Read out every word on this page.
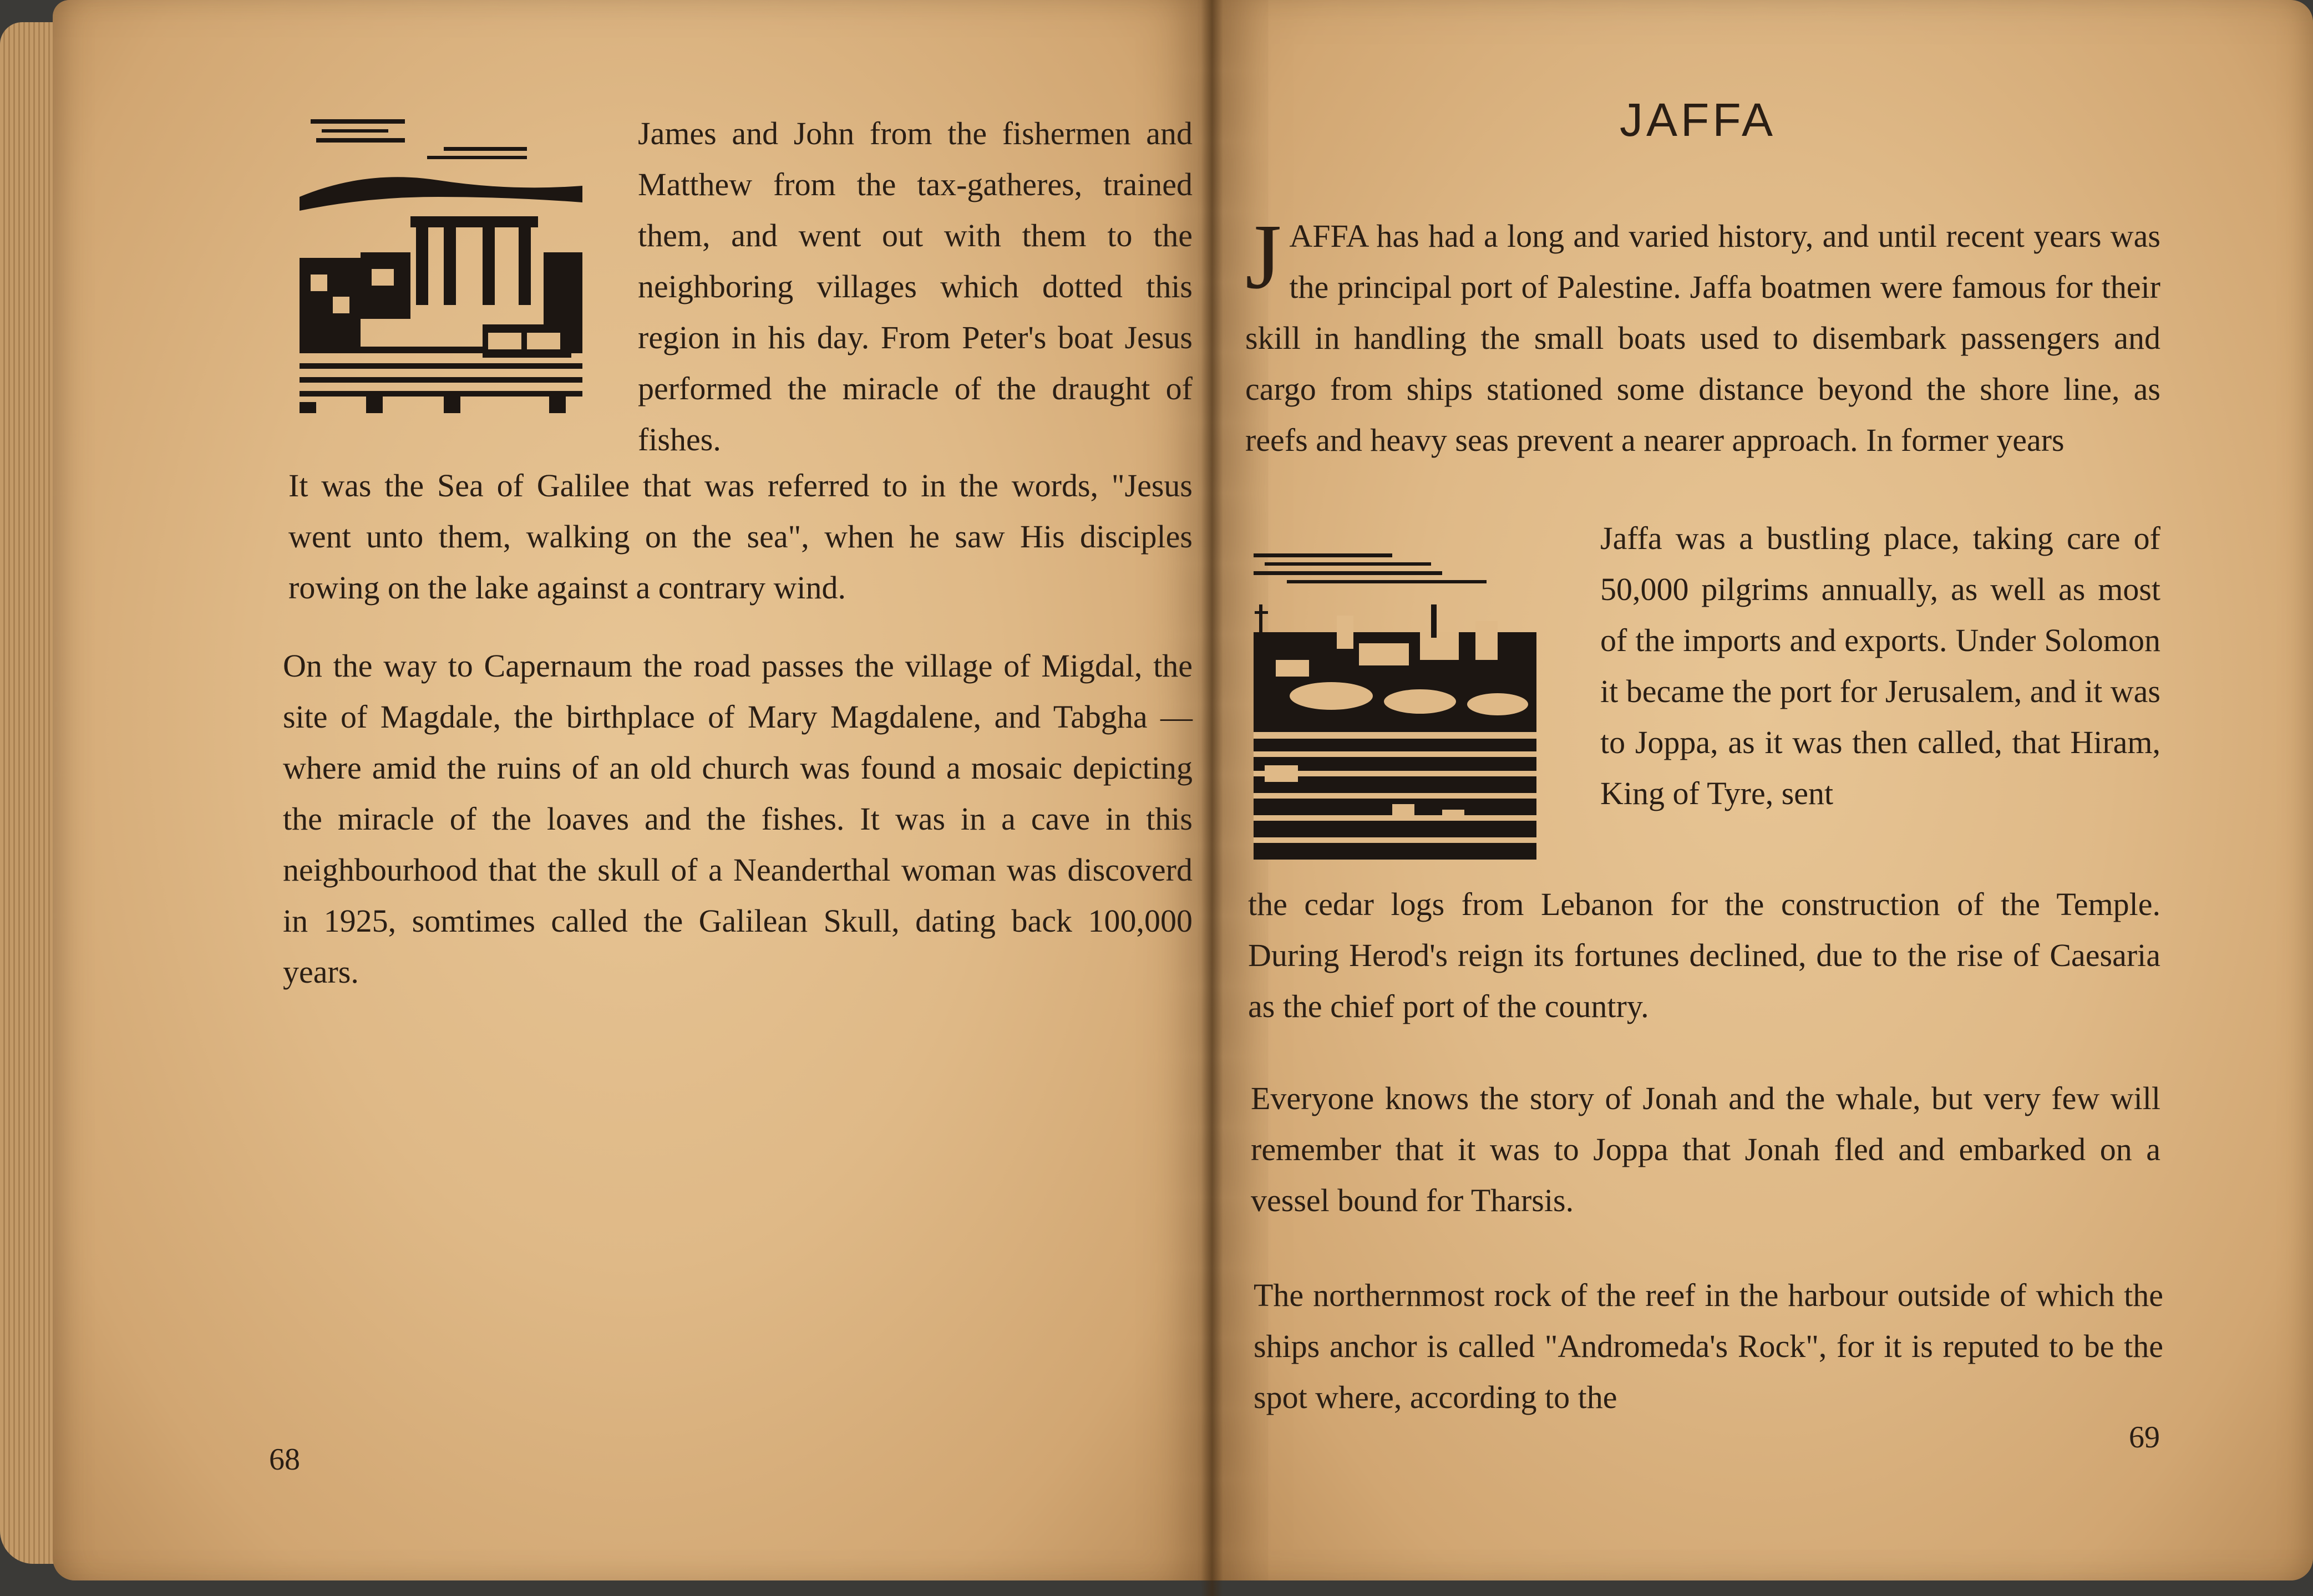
James and John from the fishermen and Matthew from the tax-gatheres, trained them, and went out with them to the neighboring villages which dotted this region in his day. From Peter's boat Jesus performed the miracle of the draught of fishes.

It was the Sea of Galilee that was referred to in the words, "Jesus went unto them, walking on the sea", when he saw His disciples rowing on the lake against a contrary wind.

On the way to Capernaum the road passes the village of Migdal, the site of Magdale, the birthplace of Mary Magdalene, and Tabgha — where amid the ruins of an old church was found a mosaic depicting the miracle of the loaves and the fishes. It was in a cave in this neighbourhood that the skull of a Neanderthal woman was discoverd in 1925, somtimes called the Galilean Skull, dating back 100,000 years.

68
JAFFA

JAFFA has had a long and varied history, and until recent years was the principal port of Palestine. Jaffa boatmen were famous for their skill in handling the small boats used to disembark passengers and cargo from ships stationed some distance beyond the shore line, as reefs and heavy seas prevent a nearer approach. In former years

Jaffa was a bustling place, taking care of 50,000 pilgrims annually, as well as most of the imports and exports. Under Solomon it became the port for Jerusalem, and it was to Joppa, as it was then called, that Hiram, King of Tyre, sent

the cedar logs from Lebanon for the construction of the Temple. During Herod's reign its fortunes declined, due to the rise of Caesaria as the chief port of the country.

Everyone knows the story of Jonah and the whale, but very few will remember that it was to Joppa that Jonah fled and embarked on a vessel bound for Tharsis.

The northernmost rock of the reef in the harbour outside of which the ships anchor is called "Andromeda's Rock", for it is reputed to be the spot where, according to the

69
